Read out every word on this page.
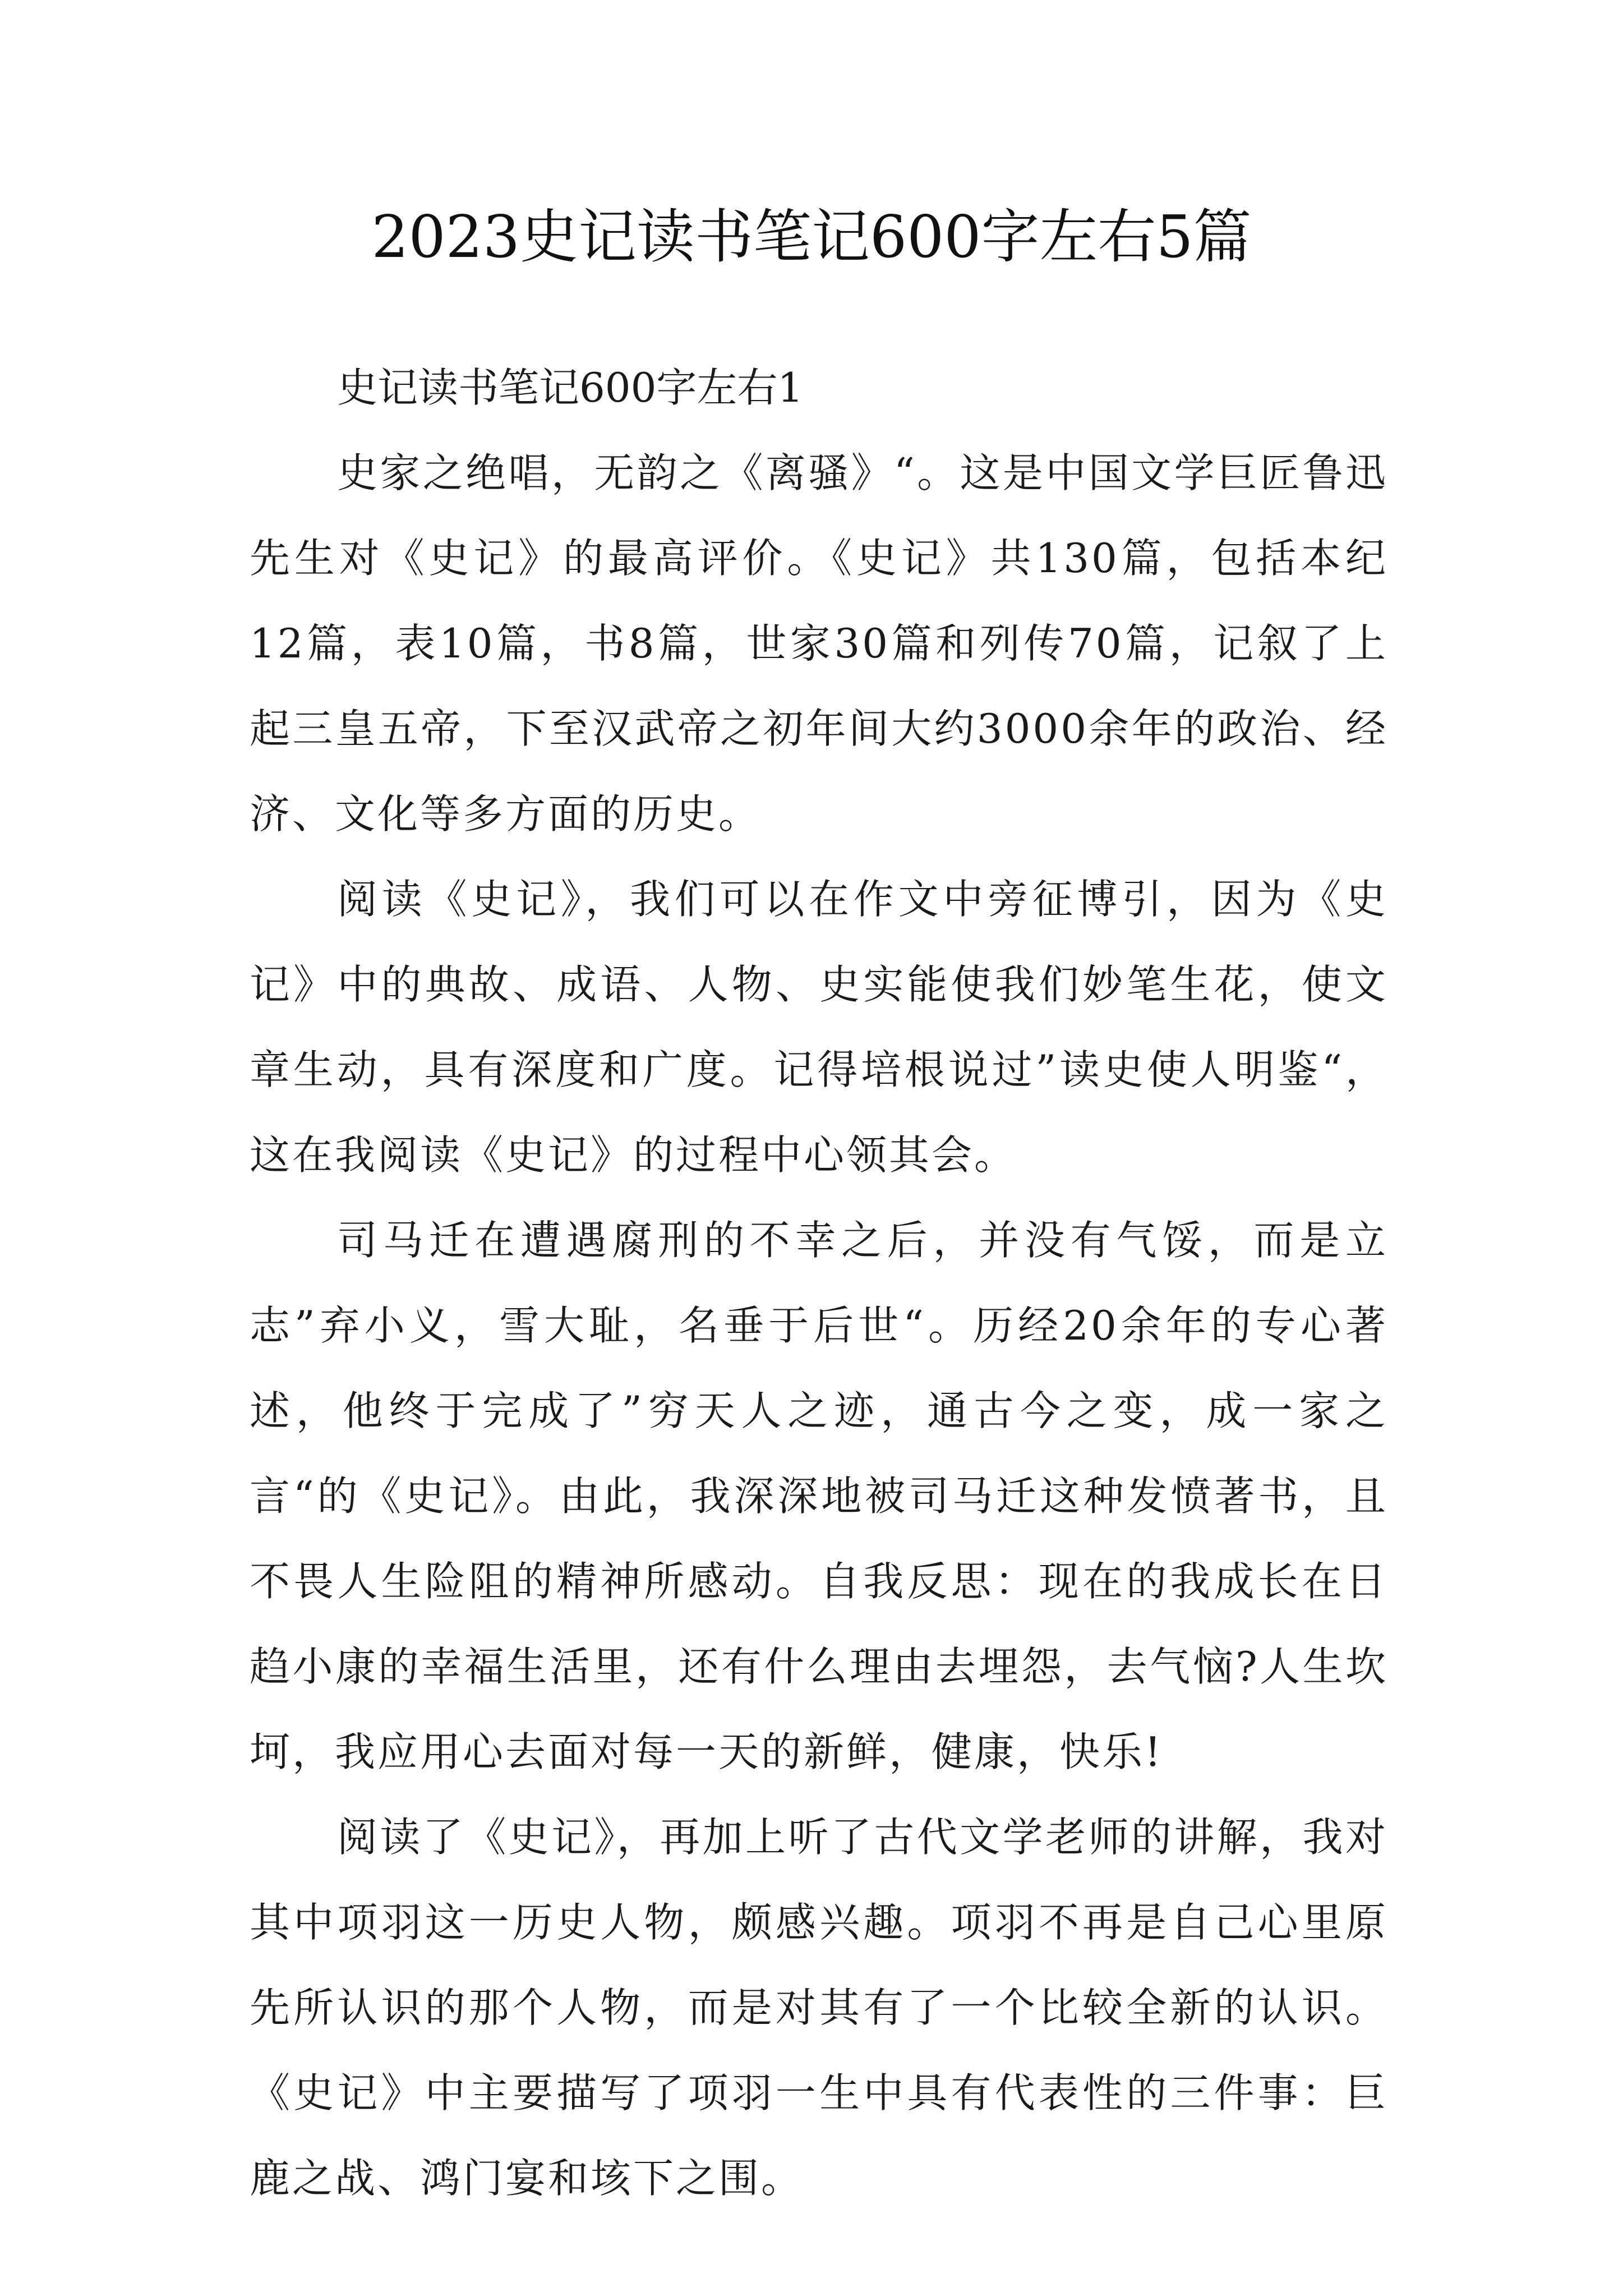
2023史记读书笔记600字左右5篇
史记读书笔记600字左右1

史家之绝唱，无韵之《离骚》“。这是中国文学巨匠鲁迅先生对《史记》的最高评价。《史记》共130篇，包括本纪12篇，表10篇，书8篇，世家30篇和列传70篇，记叙了上起三皇五帝，下至汉武帝之初年间大约3000余年的政治、经济、文化等多方面的历史。

阅读《史记》，我们可以在作文中旁征博引，因为《史记》中的典故、成语、人物、史实能使我们妙笔生花，使文章生动，具有深度和广度。记得培根说过”读史使人明鉴“，这在我阅读《史记》的过程中心领其会。

司马迁在遭遇腐刑的不幸之后，并没有气馁，而是立志”弃小义，雪大耻，名垂于后世“。历经20余年的专心著述，他终于完成了”穷天人之迹，通古今之变，成一家之言“的《史记》。由此，我深深地被司马迁这种发愤著书，且不畏人生险阻的精神所感动。自我反思：现在的我成长在日趋小康的幸福生活里，还有什么理由去埋怨，去气恼?人生坎坷，我应用心去面对每一天的新鲜，健康，快乐!

阅读了《史记》，再加上听了古代文学老师的讲解，我对其中项羽这一历史人物，颇感兴趣。项羽不再是自己心里原先所认识的那个人物，而是对其有了一个比较全新的认识。《史记》中主要描写了项羽一生中具有代表性的三件事：巨鹿之战、鸿门宴和垓下之围。
